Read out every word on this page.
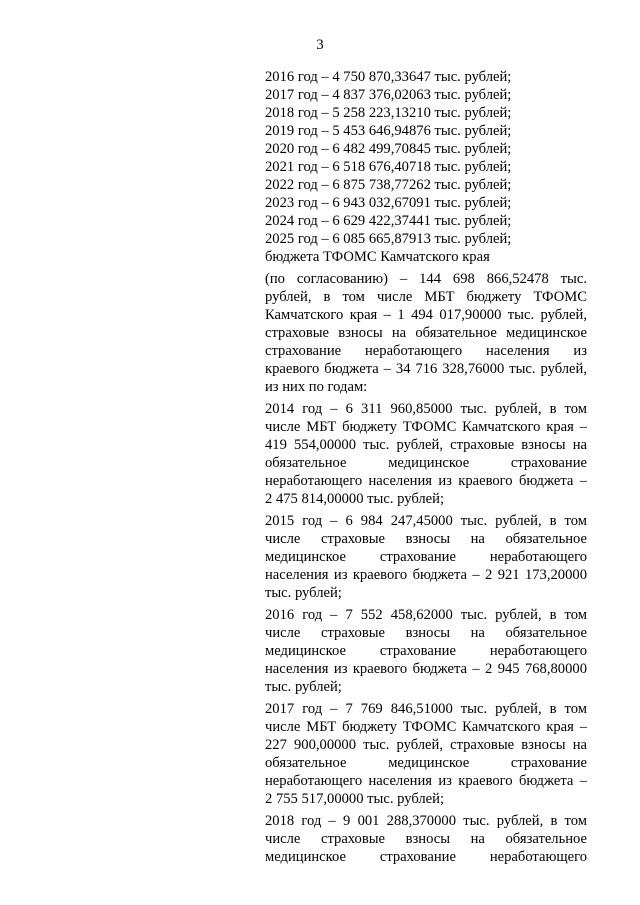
3
2016 год – 4 750 870,33647 тыс. рублей;
2017 год – 4 837 376,02063 тыс. рублей;
2018 год – 5 258 223,13210 тыс. рублей;
2019 год – 5 453 646,94876 тыс. рублей;
2020 год – 6 482 499,70845 тыс. рублей;
2021 год – 6 518 676,40718 тыс. рублей;
2022 год – 6 875 738,77262 тыс. рублей;
2023 год – 6 943 032,67091 тыс. рублей;
2024 год – 6 629 422,37441 тыс. рублей;
2025 год – 6 085 665,87913 тыс. рублей;
бюджета ТФОМС Камчатского края
(по согласованию) – 144 698 866,52478 тыс.
рублей, в том числе МБТ бюджету ТФОМС
Камчатского края – 1 494 017,90000 тыс. рублей,
страховые взносы на обязательное медицинское
страхование неработающего населения из
краевого бюджета – 34 716 328,76000 тыс. рублей,
из них по годам:
2014 год – 6 311 960,85000 тыс. рублей, в том
числе МБТ бюджету ТФОМС Камчатского края –
419 554,00000 тыс. рублей, страховые взносы на
обязательное медицинское страхование
неработающего населения из краевого бюджета –
2 475 814,00000 тыс. рублей;
2015 год – 6 984 247,45000 тыс. рублей, в том
числе страховые взносы на обязательное
медицинское страхование неработающего
населения из краевого бюджета – 2 921 173,20000
тыс. рублей;
2016 год – 7 552 458,62000 тыс. рублей, в том
числе страховые взносы на обязательное
медицинское страхование неработающего
населения из краевого бюджета – 2 945 768,80000
тыс. рублей;
2017 год – 7 769 846,51000 тыс. рублей, в том
числе МБТ бюджету ТФОМС Камчатского края –
227 900,00000 тыс. рублей, страховые взносы на
обязательное медицинское страхование
неработающего населения из краевого бюджета –
2 755 517,00000 тыс. рублей;
2018 год – 9 001 288,370000 тыс. рублей, в том
числе страховые взносы на обязательное
медицинское страхование неработающего
